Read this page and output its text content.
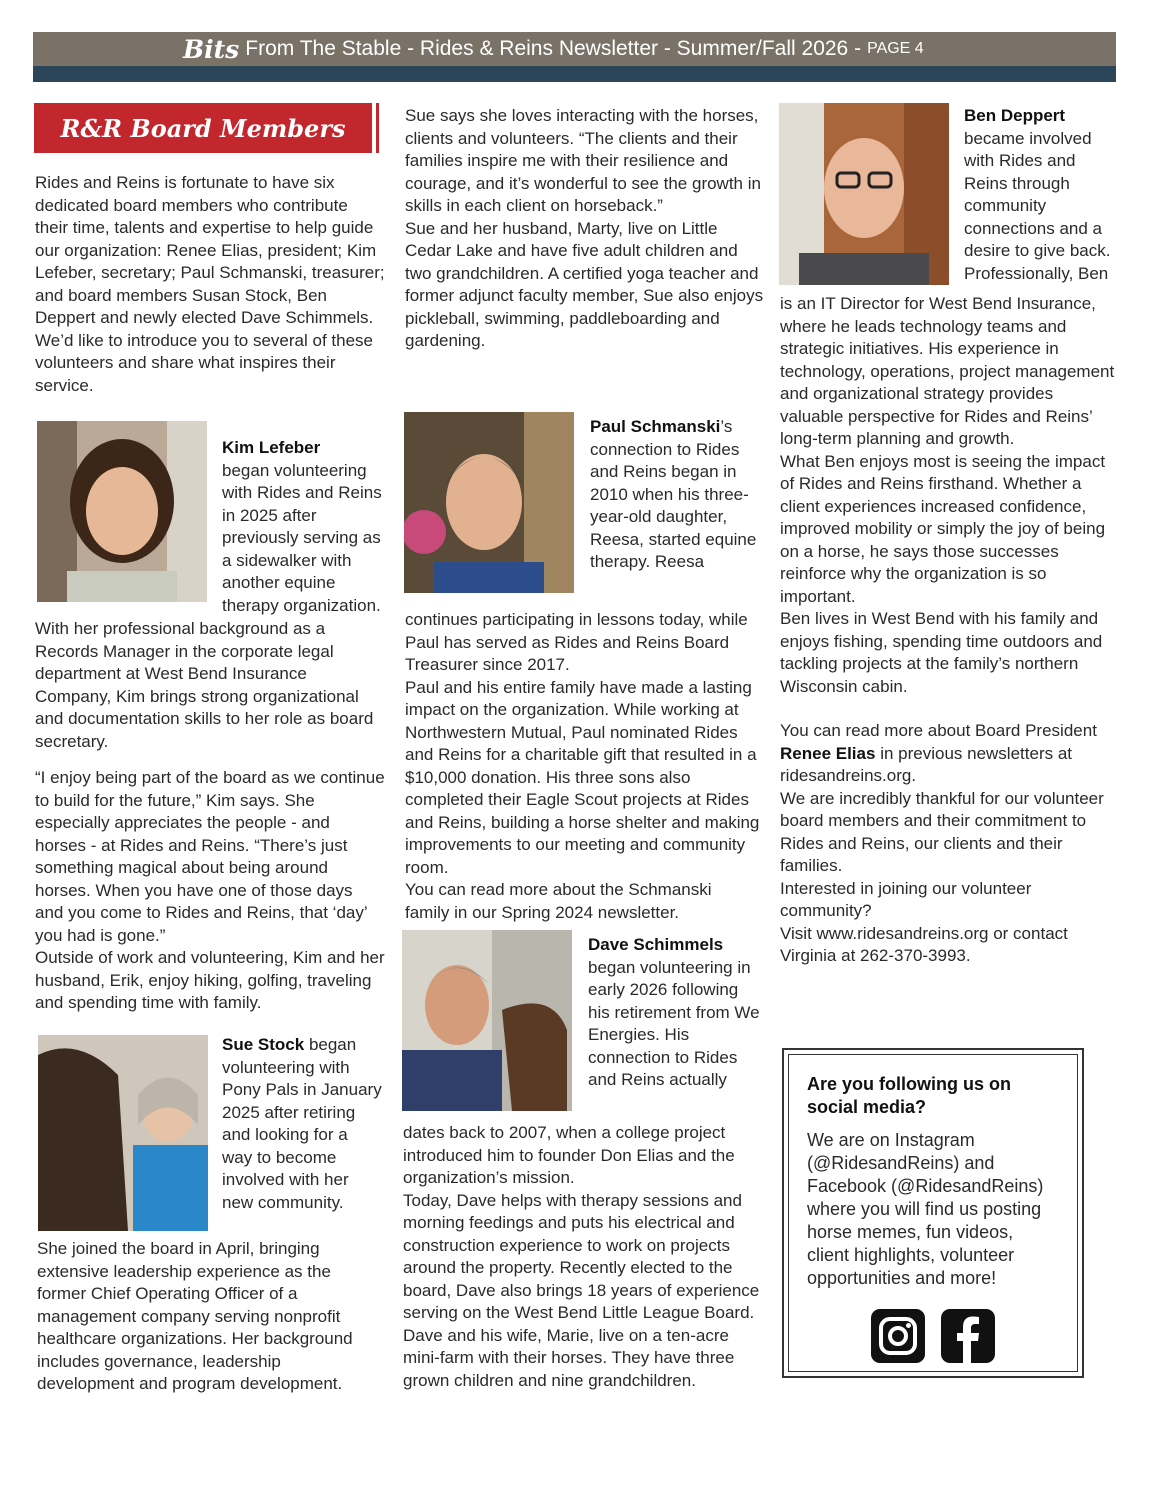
Bits From The Stable - Rides & Reins Newsletter - Summer/Fall 2026 - PAGE 4
R&R Board Members

Rides and Reins is fortunate to have six dedicated board members who contribute their time, talents and expertise to help guide our organization: Renee Elias, president; Kim Lefeber, secretary; Paul Schmanski, treasurer; and board members Susan Stock, Ben Deppert and newly elected Dave Schimmels. We’d like to introduce you to several of these volunteers and share what inspires their service.

Kim Lefeber
began volunteering with Rides and Reins in 2025 after previously serving as a sidewalker with another equine therapy organization.

With her professional background as a Records Manager in the corporate legal department at West Bend Insurance Company, Kim brings strong organizational and documentation skills to her role as board secretary.

“I enjoy being part of the board as we continue to build for the future,” Kim says. She especially appreciates the people - and horses - at Rides and Reins. “There’s just something magical about being around horses. When you have one of those days and you come to Rides and Reins, that ‘day’ you had is gone.”

Outside of work and volunteering, Kim and her husband, Erik, enjoy hiking, golfing, traveling and spending time with family.

Sue Stock began volunteering with Pony Pals in January 2025 after retiring and looking for a way to become involved with her new community.

She joined the board in April, bringing extensive leadership experience as the former Chief Operating Officer of a management company serving nonprofit healthcare organizations. Her background includes governance, leadership development and program development.

Sue says she loves interacting with the horses, clients and volunteers. “The clients and their families inspire me with their resilience and courage, and it’s wonderful to see the growth in skills in each client on horseback.”

Sue and her husband, Marty, live on Little Cedar Lake and have five adult children and two grandchildren. A certified yoga teacher and former adjunct faculty member, Sue also enjoys pickleball, swimming, paddleboarding and gardening.

Paul Schmanski’s
connection to Rides and Reins began in 2010 when his three-year-old daughter, Reesa, started equine therapy. Reesa

continues participating in lessons today, while Paul has served as Rides and Reins Board Treasurer since 2017.

Paul and his entire family have made a lasting impact on the organization. While working at Northwestern Mutual, Paul nominated Rides and Reins for a charitable gift that resulted in a $10,000 donation. His three sons also completed their Eagle Scout projects at Rides and Reins, building a horse shelter and making improvements to our meeting and community room.

You can read more about the Schmanski family in our Spring 2024 newsletter.

Dave Schimmels
began volunteering in early 2026 following his retirement from We Energies. His connection to Rides and Reins actually

dates back to 2007, when a college project introduced him to founder Don Elias and the organization’s mission.

Today, Dave helps with therapy sessions and morning feedings and puts his electrical and construction experience to work on projects around the property. Recently elected to the board, Dave also brings 18 years of experience serving on the West Bend Little League Board.

Dave and his wife, Marie, live on a ten-acre mini-farm with their horses. They have three grown children and nine grandchildren.

Ben Deppert
became involved with Rides and Reins through community connections and a desire to give back. Professionally, Ben

is an IT Director for West Bend Insurance, where he leads technology teams and strategic initiatives. His experience in technology, operations, project management and organizational strategy provides valuable perspective for Rides and Reins’ long-term planning and growth.

What Ben enjoys most is seeing the impact of Rides and Reins firsthand. Whether a client experiences increased confidence, improved mobility or simply the joy of being on a horse, he says those successes reinforce why the organization is so important.

Ben lives in West Bend with his family and enjoys fishing, spending time outdoors and tackling projects at the family’s northern Wisconsin cabin.

You can read more about Board President Renee Elias in previous newsletters at ridesandreins.org.

We are incredibly thankful for our volunteer board members and their commitment to Rides and Reins, our clients and their families.

Interested in joining our volunteer community?

Visit www.ridesandreins.org or contact Virginia at 262-370-3993.

Are you following us on social media?
We are on Instagram (@RidesandReins) and Facebook (@RidesandReins) where you will find us posting horse memes, fun videos, client highlights, volunteer opportunities and more!
